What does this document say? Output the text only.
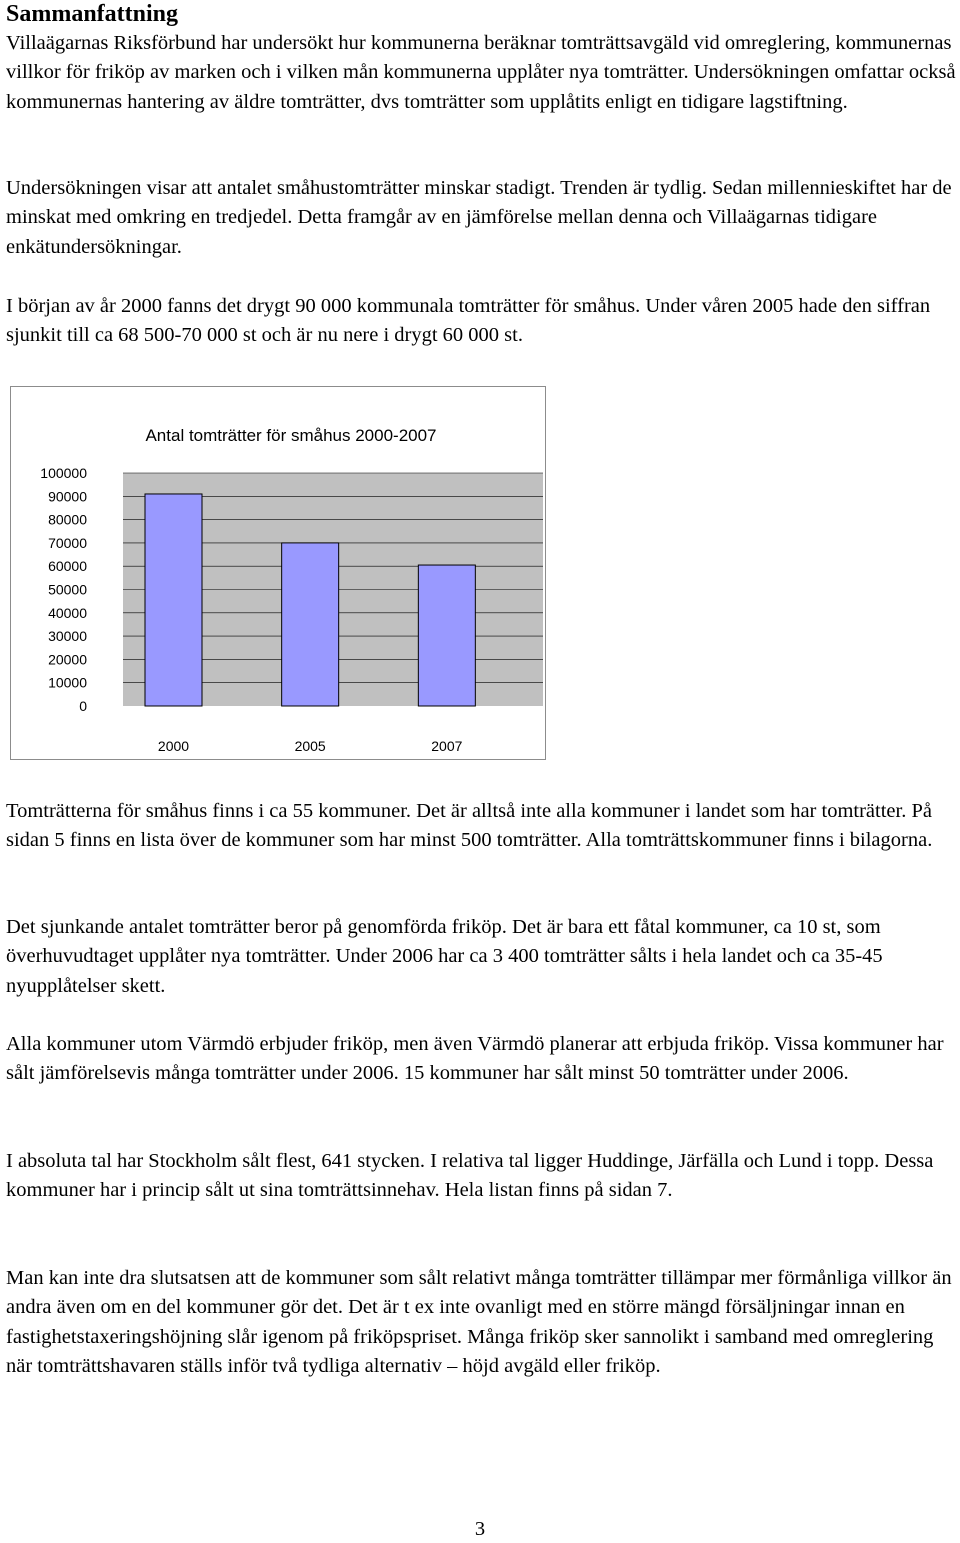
Sammanfattning

Villaägarnas Riksförbund har undersökt hur kommunerna beräknar tomträttsavgäld vid omreglering, kommunernas villkor för friköp av marken och i vilken mån kommunerna upplåter nya tomträtter. Undersökningen omfattar också kommunernas hantering av äldre tomträtter, dvs tomträtter som upplåtits enligt en tidigare lagstiftning.

Undersökningen visar att antalet småhustomträtter minskar stadigt. Trenden är tydlig. Sedan millennieskiftet har de minskat med omkring en tredjedel. Detta framgår av en jämförelse mellan denna och Villaägarnas tidigare enkätundersökningar.

I början av år 2000 fanns det drygt 90 000 kommunala tomträtter för småhus. Under våren 2005 hade den siffran sjunkit till ca 68 500-70 000 st och är nu nere i drygt 60 000 st.

Antal tomträtter för småhus 2000-2007
0
10000
20000
30000
40000
50000
60000
70000
80000
90000
100000
2000	2005	2007

Tomträtterna för småhus finns i ca 55 kommuner. Det är alltså inte alla kommuner i landet som har tomträtter. På sidan 5 finns en lista över de kommuner som har minst 500 tomträtter. Alla tomträttskommuner finns i bilagorna.

Det sjunkande antalet tomträtter beror på genomförda friköp. Det är bara ett fåtal kommuner, ca 10 st, som överhuvudtaget upplåter nya tomträtter. Under 2006 har ca 3 400 tomträtter sålts i hela landet och ca 35-45 nyupplåtelser skett.

Alla kommuner utom Värmdö erbjuder friköp, men även Värmdö planerar att erbjuda friköp. Vissa kommuner har sålt jämförelsevis många tomträtter under 2006. 15 kommuner har sålt minst 50 tomträtter under 2006.

I absoluta tal har Stockholm sålt flest, 641 stycken. I relativa tal ligger Huddinge, Järfälla och Lund i topp. Dessa kommuner har i princip sålt ut sina tomträttsinnehav. Hela listan finns på sidan 7.

Man kan inte dra slutsatsen att de kommuner som sålt relativt många tomträtter tillämpar mer förmånliga villkor än andra även om en del kommuner gör det. Det är t ex inte ovanligt med en större mängd försäljningar innan en fastighetstaxeringshöjning slår igenom på friköpspriset. Många friköp sker sannolikt i samband med omreglering när tomträttshavaren ställs inför två tydliga alternativ – höjd avgäld eller friköp.

3
